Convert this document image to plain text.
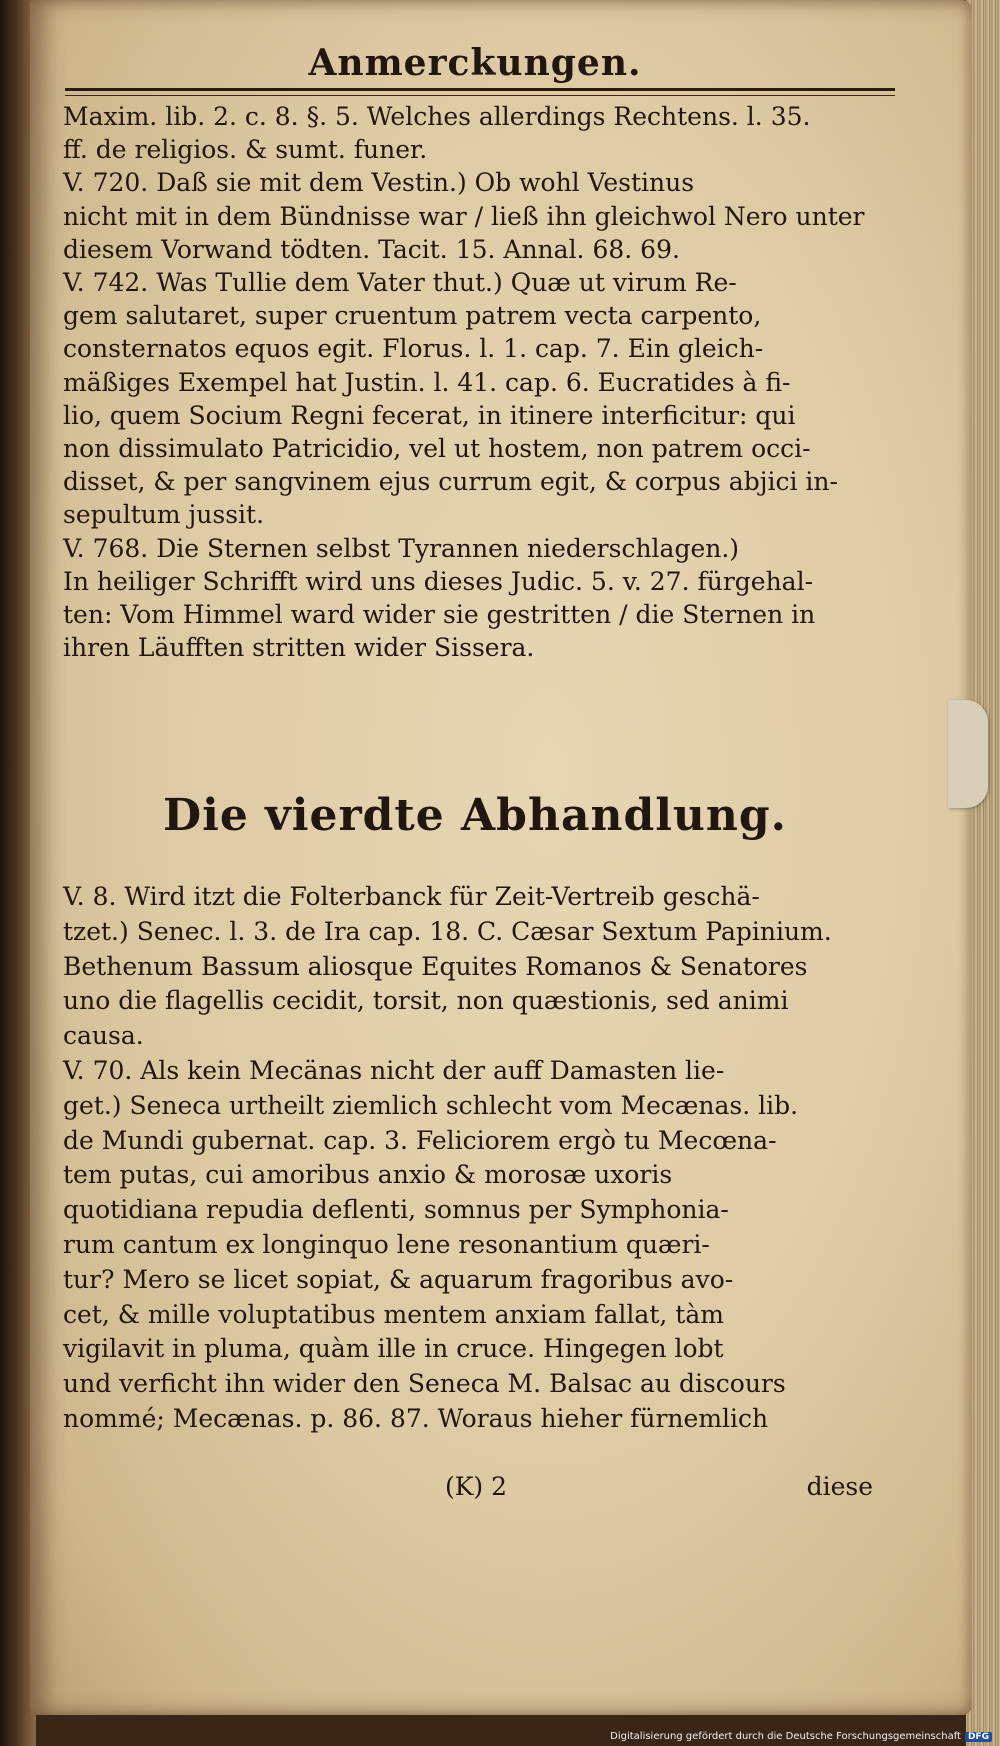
Anmerckungen.
Maxim. lib. 2. c. 8. §. 5. Welches allerdings Rechtens. l. 35.
ff. de religios. & sumt. funer.
V. 720. Daß sie mit dem Vestin.) Ob wohl Vestinus
nicht mit in dem Bündnisse war / ließ ihn gleichwol Nero unter
diesem Vorwand tödten. Tacit. 15. Annal. 68. 69.
V. 742. Was Tullie dem Vater thut.) Quæ ut virum Re-
gem salutaret, super cruentum patrem vecta carpento,
consternatos equos egit. Florus. l. 1. cap. 7. Ein gleich-
mäßiges Exempel hat Justin. l. 41. cap. 6. Eucratides à fi-
lio, quem Socium Regni fecerat, in itinere interficitur: qui
non dissimulato Patricidio, vel ut hostem, non patrem occi-
disset, & per sangvinem ejus currum egit, & corpus abjici in-
sepultum jussit.
V. 768. Die Sternen selbst Tyrannen niederschlagen.)
In heiliger Schrifft wird uns dieses Judic. 5. v. 27. fürgehal-
ten: Vom Himmel ward wider sie gestritten / die Sternen in
ihren Läufften stritten wider Sissera.
Die vierdte Abhandlung.
V. 8. Wird itzt die Folterbanck für Zeit-Vertreib geschä-
tzet.) Senec. l. 3. de Ira cap. 18. C. Cæsar Sextum Papinium.
Bethenum Bassum aliosque Equites Romanos & Senatores
uno die flagellis cecidit, torsit, non quæstionis, sed animi
causa.
V. 70. Als kein Mecänas nicht der auff Damasten lie-
get.) Seneca urtheilt ziemlich schlecht vom Mecænas. lib.
de Mundi gubernat. cap. 3. Feliciorem ergò tu Mecœna-
tem putas, cui amoribus anxio & morosæ uxoris
quotidiana repudia deflenti, somnus per Symphonia-
rum cantum ex longinquo lene resonantium quæri-
tur? Mero se licet sopiat, & aquarum fragoribus avo-
cet, & mille voluptatibus mentem anxiam fallat, tàm
vigilavit in pluma, quàm ille in cruce. Hingegen lobt
und verficht ihn wider den Seneca M. Balsac au discours
nommé; Mecænas. p. 86. 87. Woraus hieher fürnemlich
(K) 2	diese
Digitalisierung gefördert durch die Deutsche Forschungsgemeinschaft DFG
